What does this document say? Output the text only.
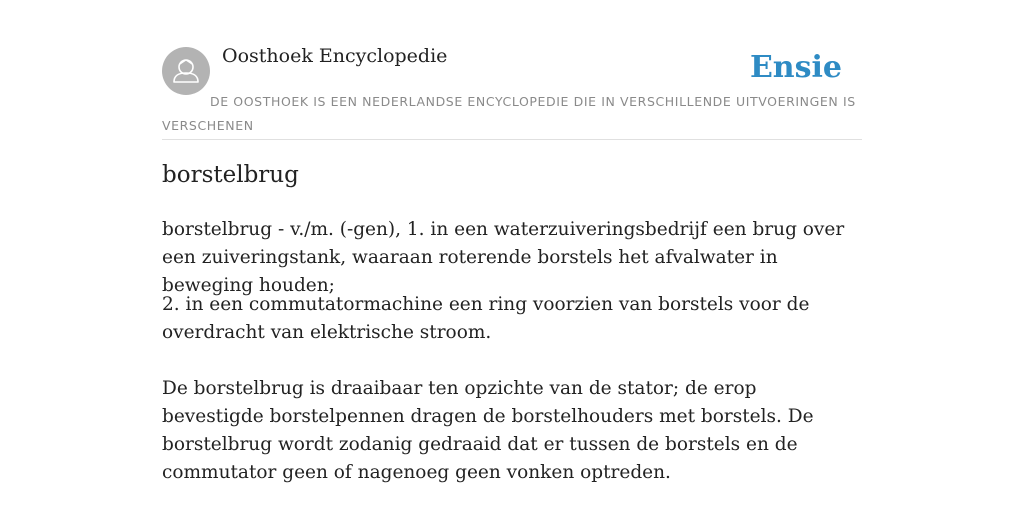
Oosthoek Encyclopedie	Ensie
DE OOSTHOEK IS EEN NEDERLANDSE ENCYCLOPEDIE DIE IN VERSCHILLENDE UITVOERINGEN IS VERSCHENEN
borstelbrug

borstelbrug - v./m. (-gen), 1. in een waterzuiveringsbedrijf een brug over een zuiveringstank, waaraan roterende borstels het afvalwater in beweging houden;

2. in een commutatormachine een ring voorzien van borstels voor de overdracht van elektrische stroom.

De borstelbrug is draaibaar ten opzichte van de stator; de erop bevestigde borstelpennen dragen de borstelhouders met borstels. De borstelbrug wordt zodanig gedraaid dat er tussen de borstels en de commutator geen of nagenoeg geen vonken optreden.
